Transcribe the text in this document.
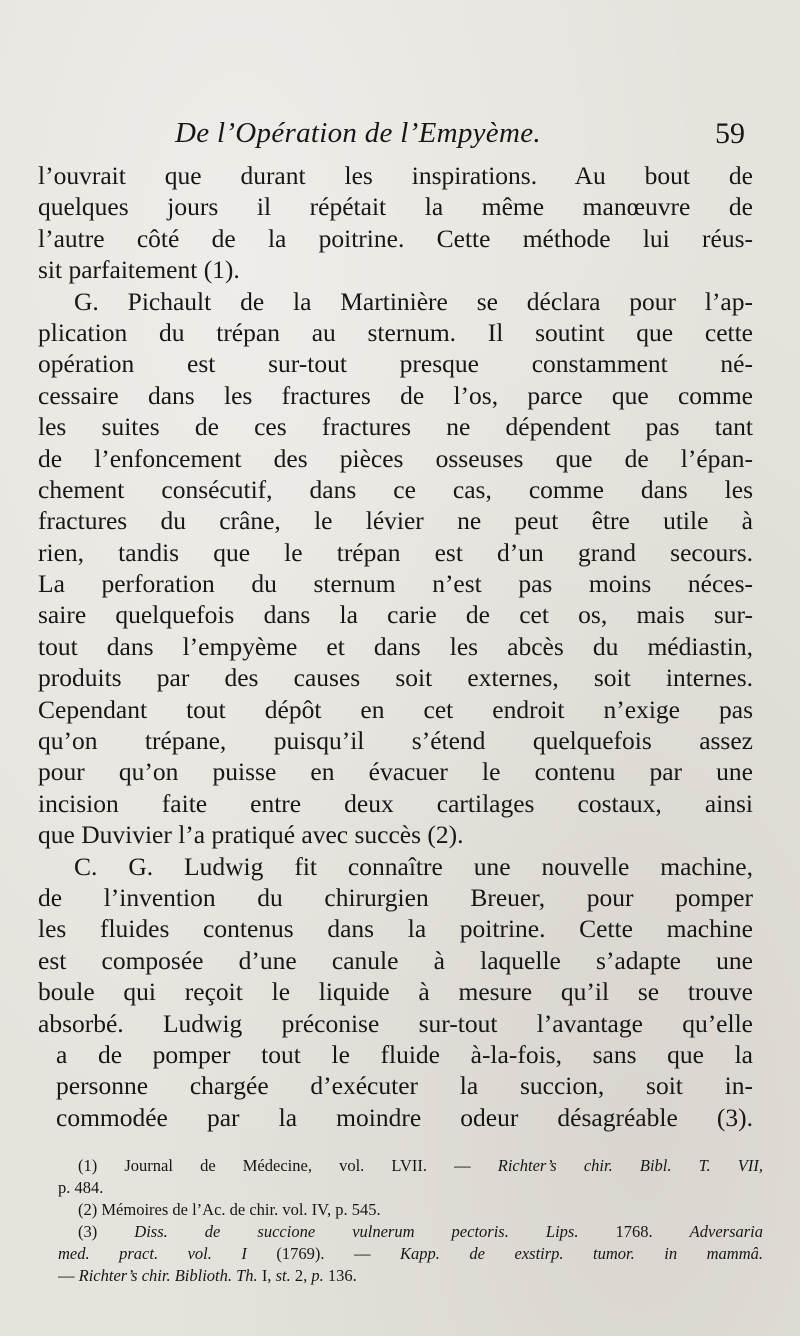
De l’Opération de l’Empyème.	59
l’ouvrait que durant les inspirations. Au bout de
quelques jours il répétait la même manœuvre de
l’autre côté de la poitrine. Cette méthode lui réus-
sit parfaitement (1).
G. Pichault de la Martinière se déclara pour l’ap-
plication du trépan au sternum. Il soutint que cette
opération est sur-tout presque constamment né-
cessaire dans les fractures de l’os, parce que comme
les suites de ces fractures ne dépendent pas tant
de l’enfoncement des pièces osseuses que de l’épan-
chement consécutif, dans ce cas, comme dans les
fractures du crâne, le lévier ne peut être utile à
rien, tandis que le trépan est d’un grand secours.
La perforation du sternum n’est pas moins néces-
saire quelquefois dans la carie de cet os, mais sur-
tout dans l’empyème et dans les abcès du médiastin,
produits par des causes soit externes, soit internes.
Cependant tout dépôt en cet endroit n’exige pas
qu’on trépane, puisqu’il s’étend quelquefois assez
pour qu’on puisse en évacuer le contenu par une
incision faite entre deux cartilages costaux, ainsi
que Duvivier l’a pratiqué avec succès (2).
C. G. Ludwig fit connaître une nouvelle machine,
de l’invention du chirurgien Breuer, pour pomper
les fluides contenus dans la poitrine. Cette machine
est composée d’une canule à laquelle s’adapte une
boule qui reçoit le liquide à mesure qu’il se trouve
absorbé. Ludwig préconise sur-tout l’avantage qu’elle
a de pomper tout le fluide à-la-fois, sans que la
personne chargée d’exécuter la succion, soit in-
commodée par la moindre odeur désagréable (3).
(1) Journal de Médecine, vol. LVII. — Richter’s chir. Bibl. T. VII,
p. 484.
(2) Mémoires de l’Ac. de chir. vol. IV, p. 545.
(3) Diss. de succione vulnerum pectoris. Lips. 1768. Adversaria
med. pract. vol. I (1769). — Kapp. de exstirp. tumor. in mammâ.
— Richter’s chir. Biblioth. Th. I, st. 2, p. 136.
